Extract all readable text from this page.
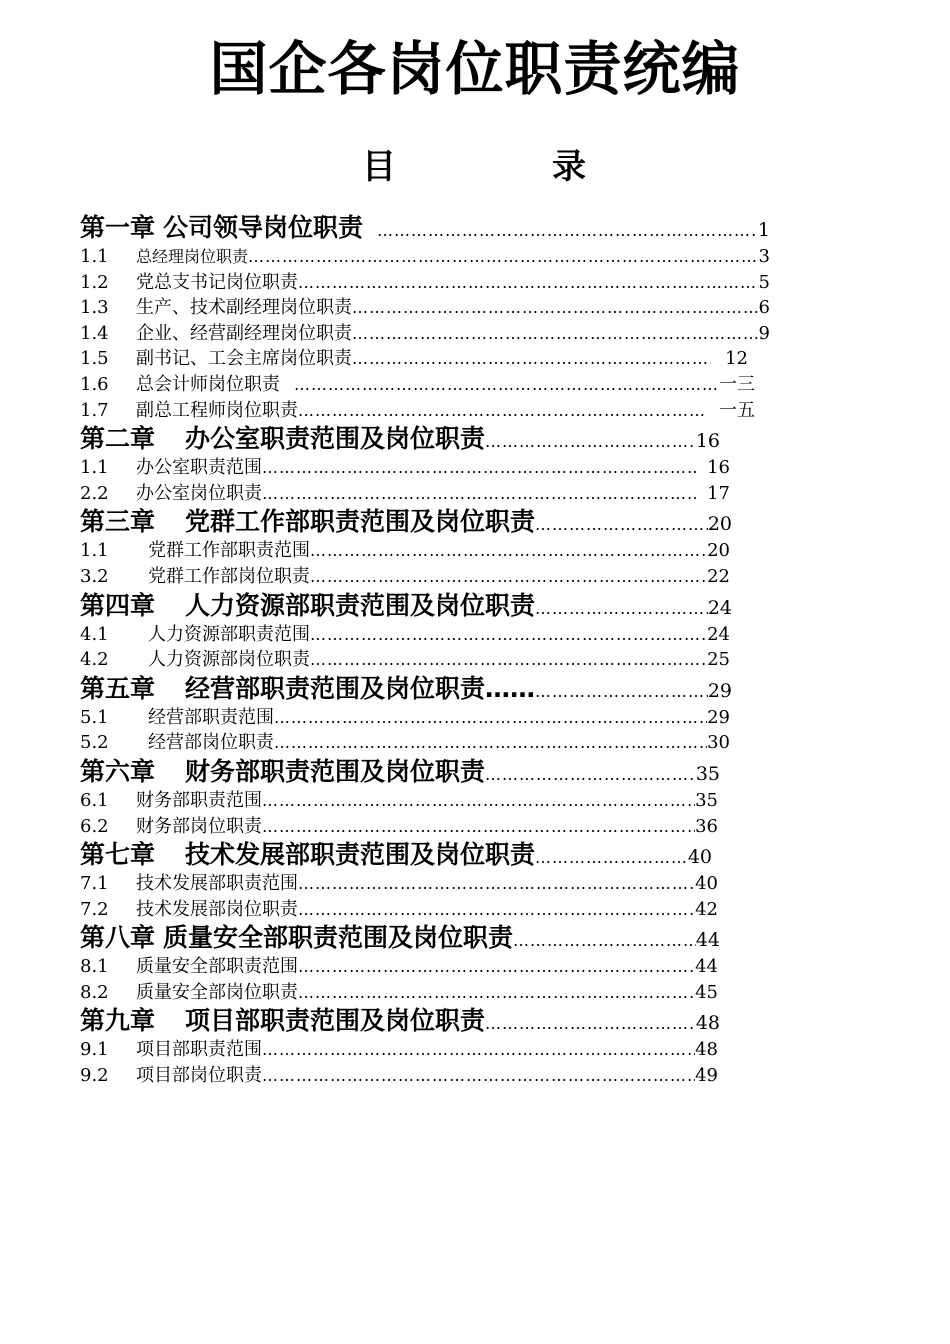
国企各岗位职责统编
目	录
第一章 公司领导岗位职责 ………………………………………………………………………………………………………………	1
1.1	总经理岗位职责 ………………………………………………………………………………………………………………	3
1.2	党总支书记岗位职责 ………………………………………………………………………………………………………………	5
1.3	生产、技术副经理岗位职责 ………………………………………………………………………………………………………………	6
1.4	企业、经营副经理岗位职责 ………………………………………………………………………………………………………………	9
1.5	副书记、工会主席岗位职责 ………………………………………………………………………………………………………………	12
1.6	总会计师岗位职责 ………………………………………………………………………………………………………………	一三
1.7	副总工程师岗位职责 ………………………………………………………………………………………………………………	一五
第二章 办公室职责范围及岗位职责 ………………………………………………………………………………………………………………	16
1.1	办公室职责范围 ………………………………………………………………………………………………………………	16
2.2	办公室岗位职责 ………………………………………………………………………………………………………………	17
第三章 党群工作部职责范围及岗位职责 ………………………………………………………………………………………………………………	20
1.1	党群工作部职责范围 ………………………………………………………………………………………………………………	20
3.2	党群工作部岗位职责 ………………………………………………………………………………………………………………	22
第四章 人力资源部职责范围及岗位职责 ………………………………………………………………………………………………………………	24
4.1	人力资源部职责范围 ………………………………………………………………………………………………………………	24
4.2	人力资源部岗位职责 ………………………………………………………………………………………………………………	25
第五章 经营部职责范围及岗位职责…… ………………………………………………………………………………………………………………	29
5.1	经营部职责范围 ………………………………………………………………………………………………………………	29
5.2	经营部岗位职责 ………………………………………………………………………………………………………………	30
第六章 财务部职责范围及岗位职责 ………………………………………………………………………………………………………………	35
6.1	财务部职责范围 ………………………………………………………………………………………………………………	35
6.2	财务部岗位职责 ………………………………………………………………………………………………………………	36
第七章 技术发展部职责范围及岗位职责 ………………………………………………………………………………………………………………	40
7.1	技术发展部职责范围 ………………………………………………………………………………………………………………	40
7.2	技术发展部岗位职责 ………………………………………………………………………………………………………………	42
第八章 质量安全部职责范围及岗位职责 ………………………………………………………………………………………………………………	44
8.1	质量安全部职责范围 ………………………………………………………………………………………………………………	44
8.2	质量安全部岗位职责 ………………………………………………………………………………………………………………	45
第九章 项目部职责范围及岗位职责 ………………………………………………………………………………………………………………	48
9.1	项目部职责范围 ………………………………………………………………………………………………………………	48
9.2	项目部岗位职责 ………………………………………………………………………………………………………………	49
